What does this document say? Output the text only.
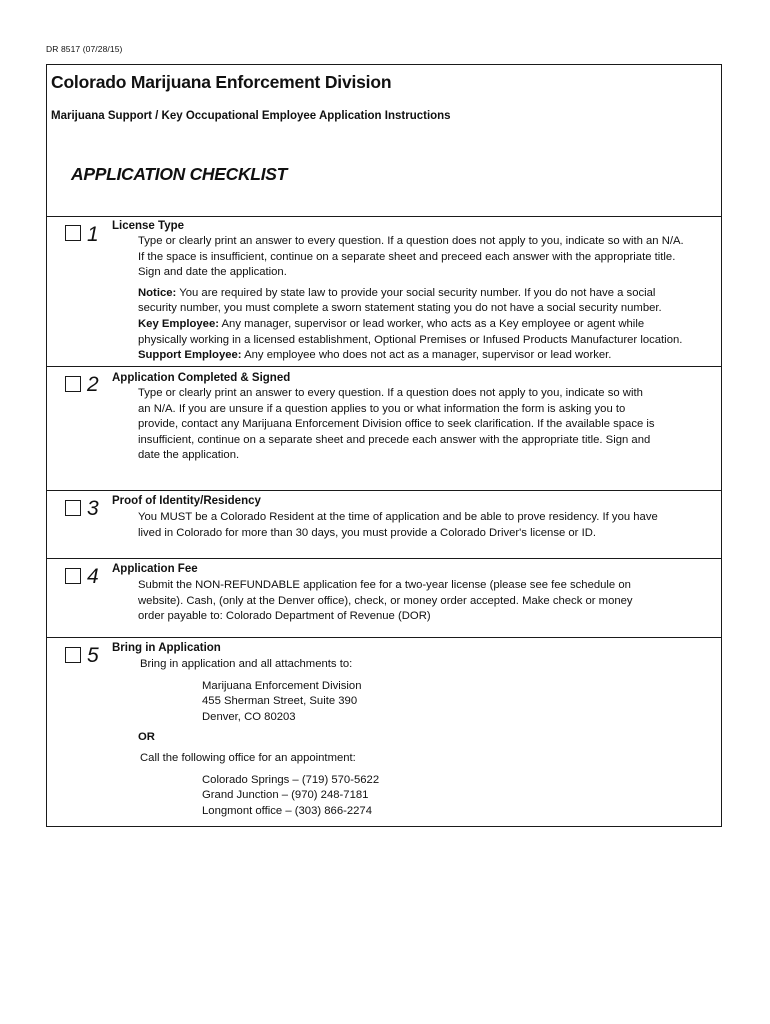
DR 8517 (07/28/15)
Colorado Marijuana Enforcement Division
Marijuana Support / Key Occupational Employee Application Instructions
APPLICATION CHECKLIST
1 License Type

Type or clearly print an answer to every question. If a question does not apply to you, indicate so with an N/A.

If the space is insufficient, continue on a separate sheet and preceed each answer with the appropriate title.

Sign and date the application.

Notice: You are required by state law to provide your social security number. If you do not have a social

security number, you must complete a sworn statement stating you do not have a social security number.

Key Employee: Any manager, supervisor or lead worker, who acts as a Key employee or agent while

physically working in a licensed establishment, Optional Premises or Infused Products Manufacturer location.

Support Employee: Any employee who does not act as a manager, supervisor or lead worker.

2 Application Completed & Signed

Type or clearly print an answer to every question. If a question does not apply to you, indicate so with

an N/A. If you are unsure if a question applies to you or what information the form is asking you to

provide, contact any Marijuana Enforcement Division office to seek clarification. If the available space is

insufficient, continue on a separate sheet and precede each answer with the appropriate title. Sign and

date the application.

3 Proof of Identity/Residency

You MUST be a Colorado Resident at the time of application and be able to prove residency. If you have

lived in Colorado for more than 30 days, you must provide a Colorado Driver's license or ID.

4 Application Fee

Submit the NON-REFUNDABLE application fee for a two-year license (please see fee schedule on

website). Cash, (only at the Denver office), check, or money order accepted. Make check or money

order payable to: Colorado Department of Revenue (DOR)

5 Bring in Application

Bring in application and all attachments to:

Marijuana Enforcement Division

455 Sherman Street, Suite 390

Denver, CO 80203

OR

Call the following office for an appointment:

Colorado Springs – (719) 570-5622

Grand Junction – (970) 248-7181

Longmont office – (303) 866-2274
